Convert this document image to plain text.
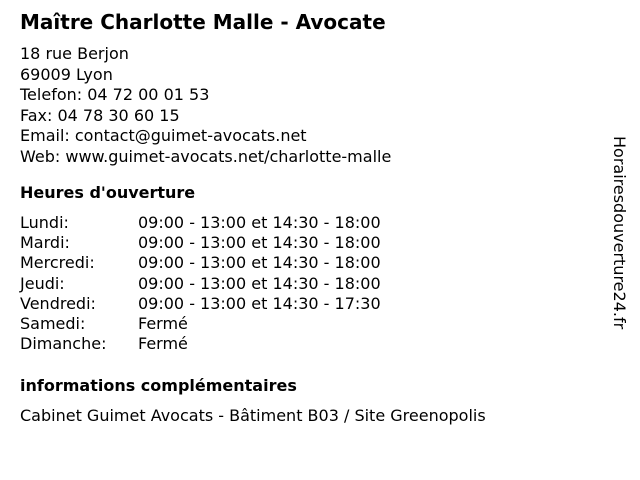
Maître Charlotte Malle - Avocate
18 rue Berjon
69009 Lyon
Telefon: 04 72 00 01 53
Fax: 04 78 30 60 15
Email: contact@guimet-avocats.net
Web: www.guimet-avocats.net/charlotte-malle
Heures d'ouverture
Lundi:	09:00 - 13:00 et 14:30 - 18:00
Mardi:	09:00 - 13:00 et 14:30 - 18:00
Mercredi:	09:00 - 13:00 et 14:30 - 18:00
Jeudi:	09:00 - 13:00 et 14:30 - 18:00
Vendredi:	09:00 - 13:00 et 14:30 - 17:30
Samedi:	Fermé
Dimanche:	Fermé
informations complémentaires
Cabinet Guimet Avocats - Bâtiment B03 / Site Greenopolis
Horairesdouverture24.fr
